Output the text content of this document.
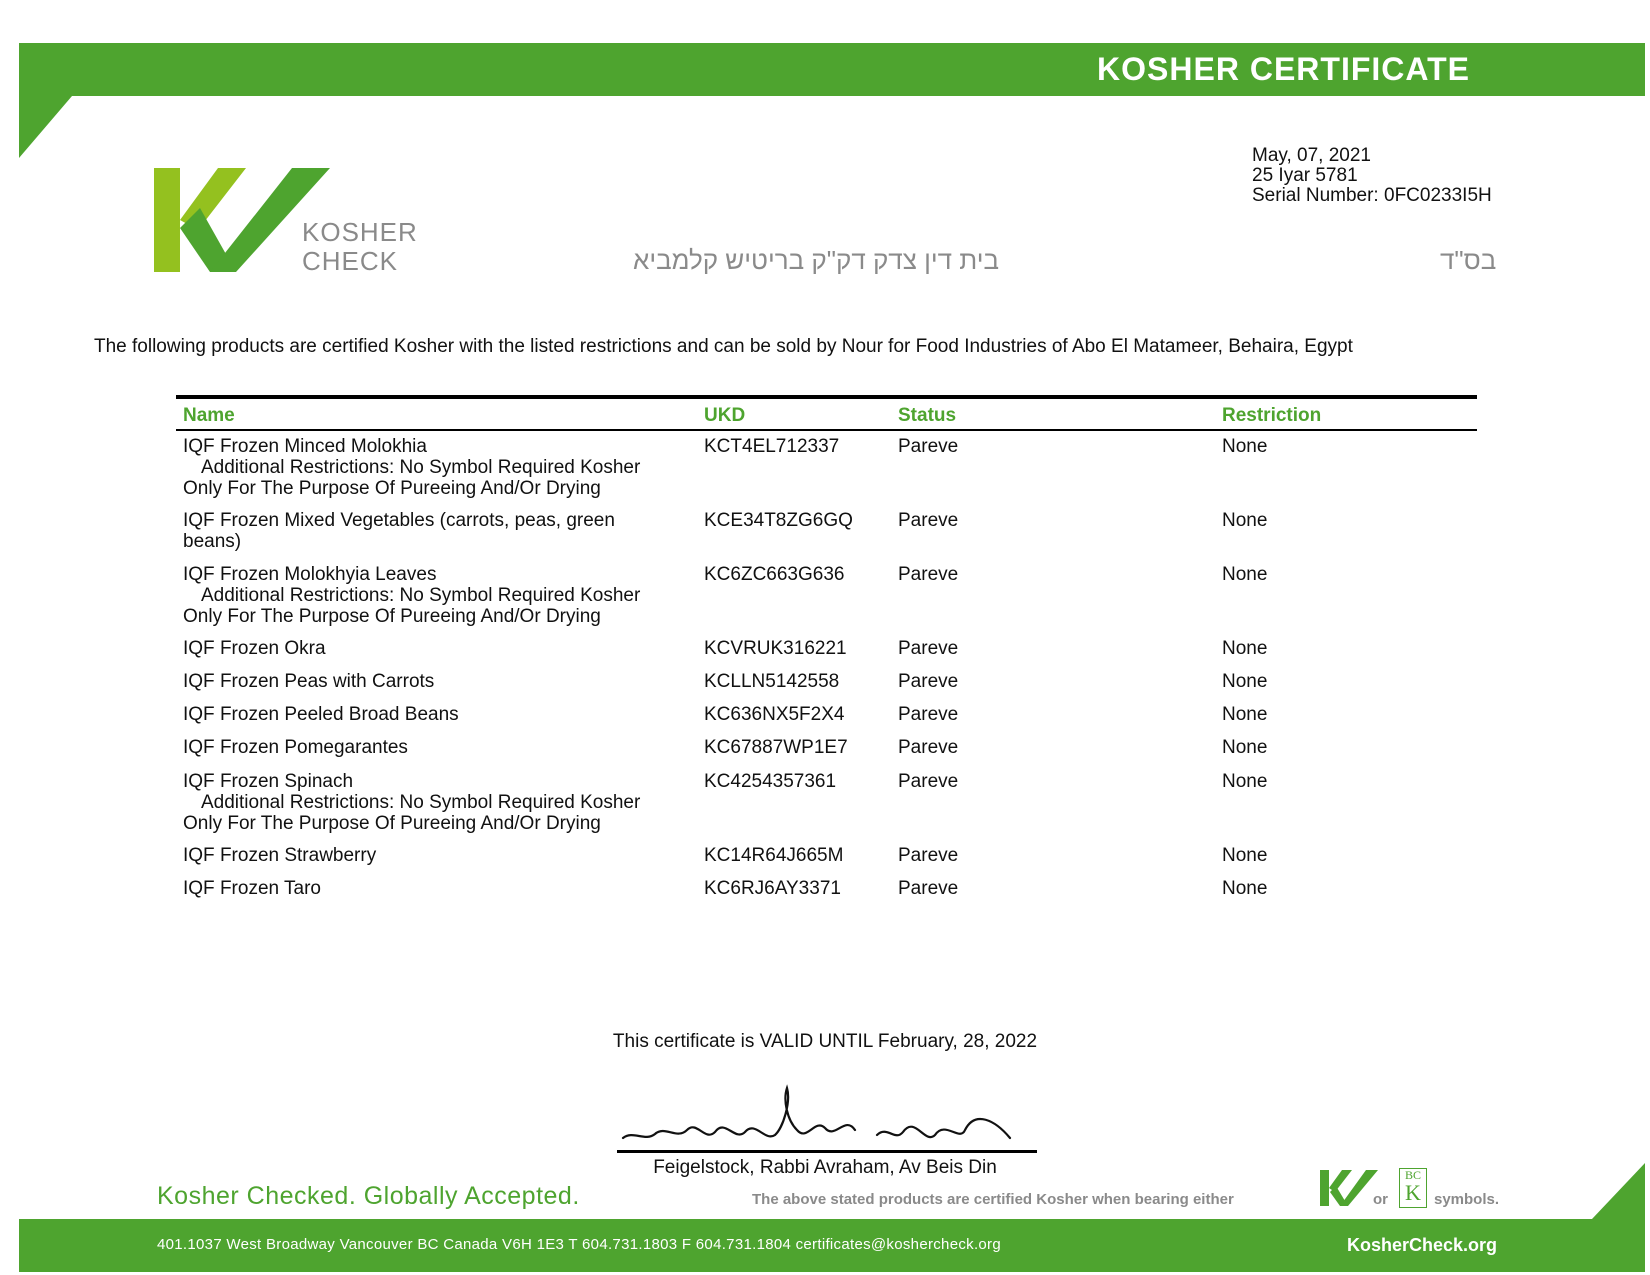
KOSHER CERTIFICATE
KOSHER
CHECK	בית דין צדק דק"ק בריטיש קלמביא	בס"ד
May, 07, 2021
25 Iyar 5781
Serial Number: 0FC0233I5H
The following products are certified Kosher with the listed restrictions and can be sold by Nour for Food Industries of Abo El Matameer, Behaira, Egypt
Name	UKD	Status	Restriction
IQF Frozen Minced Molokhia
Additional Restrictions: No Symbol Required Kosher
Only For The Purpose Of Pureeing And/Or Drying
KCT4EL712337	Pareve	None
IQF Frozen Mixed Vegetables (carrots, peas, green
beans)
KCE34T8ZG6GQ Pareve	None
IQF Frozen Molokhyia Leaves
Additional Restrictions: No Symbol Required Kosher
Only For The Purpose Of Pureeing And/Or Drying
KC6ZC663G636	Pareve	None
IQF Frozen Okra	KCVRUK316221	Pareve	None
IQF Frozen Peas with Carrots	KCLLN5142558	Pareve	None
IQF Frozen Peeled Broad Beans	KC636NX5F2X4	Pareve	None
IQF Frozen Pomegarantes	KC67887WP1E7	Pareve	None
IQF Frozen Spinach
Additional Restrictions: No Symbol Required Kosher
Only For The Purpose Of Pureeing And/Or Drying
KC4254357361	Pareve	None
IQF Frozen Strawberry	KC14R64J665M	Pareve	None
IQF Frozen Taro	KC6RJ6AY3371	Pareve	None
This certificate is VALID UNTIL February, 28, 2022
Feigelstock, Rabbi Avraham, Av Beis Din
Kosher Checked. Globally Accepted.	The above stated products are certified Kosher when bearing either	or
BC
K symbols.
401.1037 West Broadway Vancouver BC Canada V6H 1E3 T 604.731.1803 F 604.731.1804 certificates@koshercheck.org	KosherCheck.org
